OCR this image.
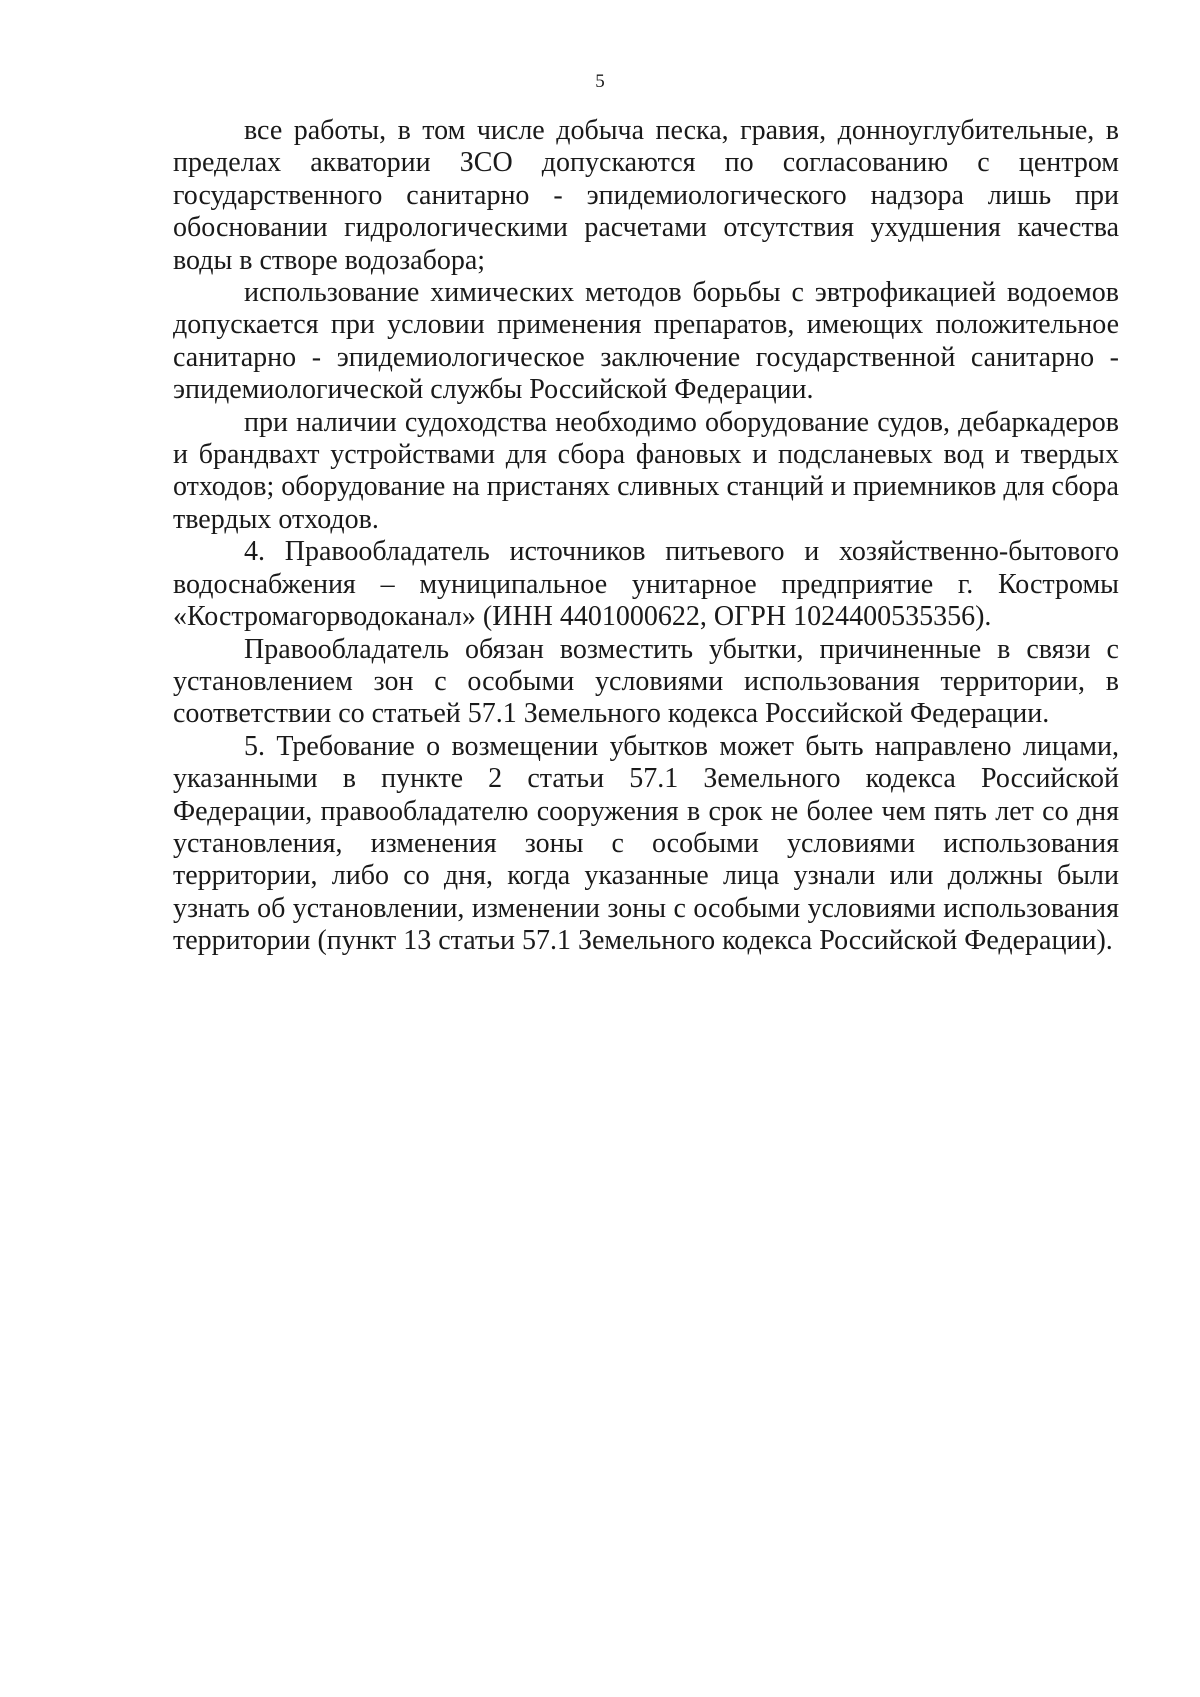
5

все работы, в том числе добыча песка, гравия, донноуглубительные, в пределах акватории ЗСО допускаются по согласованию с центром государственного санитарно - эпидемиологического надзора лишь при обосновании гидрологическими расчетами отсутствия ухудшения качества воды в створе водозабора;

использование химических методов борьбы с эвтрофикацией водоемов допускается при условии применения препаратов, имеющих положительное санитарно - эпидемиологическое заключение государственной санитарно - эпидемиологической службы Российской Федерации.

при наличии судоходства необходимо оборудование судов, дебаркадеров и брандвахт устройствами для сбора фановых и подсланевых вод и твердых отходов; оборудование на пристанях сливных станций и приемников для сбора твердых отходов.

4. Правообладатель источников питьевого и хозяйственно-бытового водоснабжения – муниципальное унитарное предприятие г. Костромы «Костромагорводоканал» (ИНН 4401000622, ОГРН 1024400535356).

Правообладатель обязан возместить убытки, причиненные в связи с установлением зон с особыми условиями использования территории, в соответствии со статьей 57.1 Земельного кодекса Российской Федерации.

5. Требование о возмещении убытков может быть направлено лицами, указанными в пункте 2 статьи 57.1 Земельного кодекса Российской Федерации, правообладателю сооружения в срок не более чем пять лет со дня установления, изменения зоны с особыми условиями использования территории, либо со дня, когда указанные лица узнали или должны были узнать об установлении, изменении зоны с особыми условиями использования территории (пункт 13 статьи 57.1 Земельного кодекса Российской Федерации).
